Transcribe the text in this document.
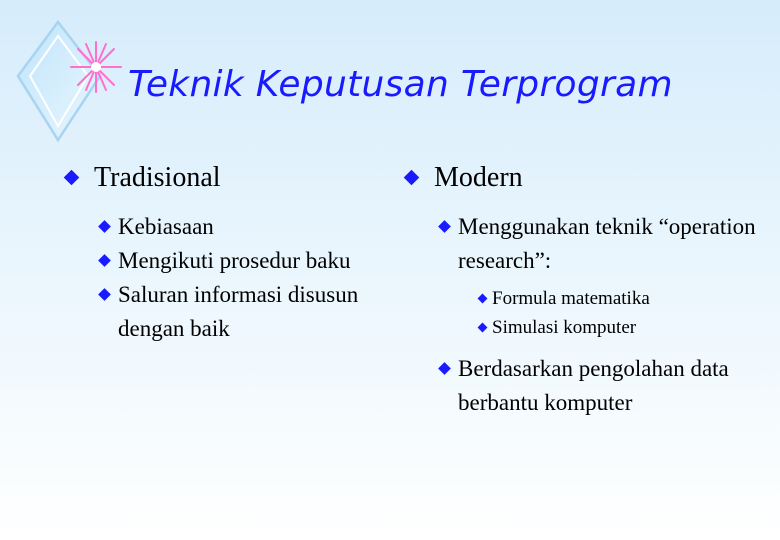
Teknik Keputusan Terprogram
Tradisional
Kebiasaan
Mengikuti prosedur baku
Saluran informasi disusun dengan baik
Modern
Menggunakan teknik “operation research”:
Formula matematika
Simulasi komputer
Berdasarkan pengolahan data berbantu komputer
